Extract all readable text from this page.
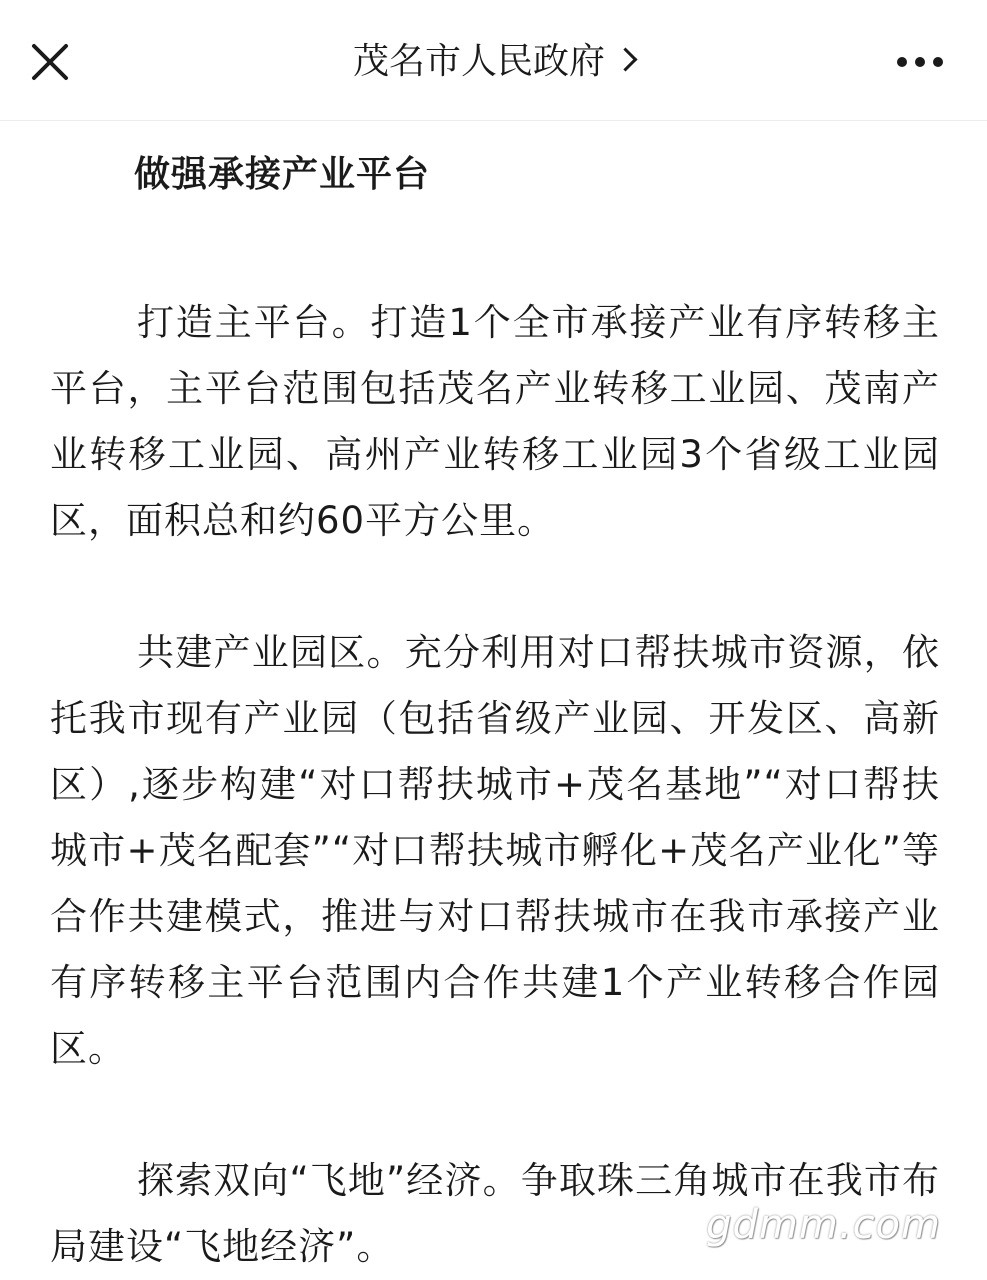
茂名市人民政府
做强承接产业平台

打造主平台。打造1个全市承接产业有序转移主平台，主平台范围包括茂名产业转移工业园、茂南产业转移工业园、高州产业转移工业园3个省级工业园区，面积总和约60平方公里。

共建产业园区。充分利用对口帮扶城市资源，依托我市现有产业园（包括省级产业园、开发区、高新区）,逐步构建“对口帮扶城市+茂名基地”“对口帮扶城市+茂名配套”“对口帮扶城市孵化+茂名产业化”等合作共建模式，推进与对口帮扶城市在我市承接产业有序转移主平台范围内合作共建1个产业转移合作园区。

探索双向“飞地”经济。争取珠三角城市在我市布局建设“飞地经济”。	gdmm.com
